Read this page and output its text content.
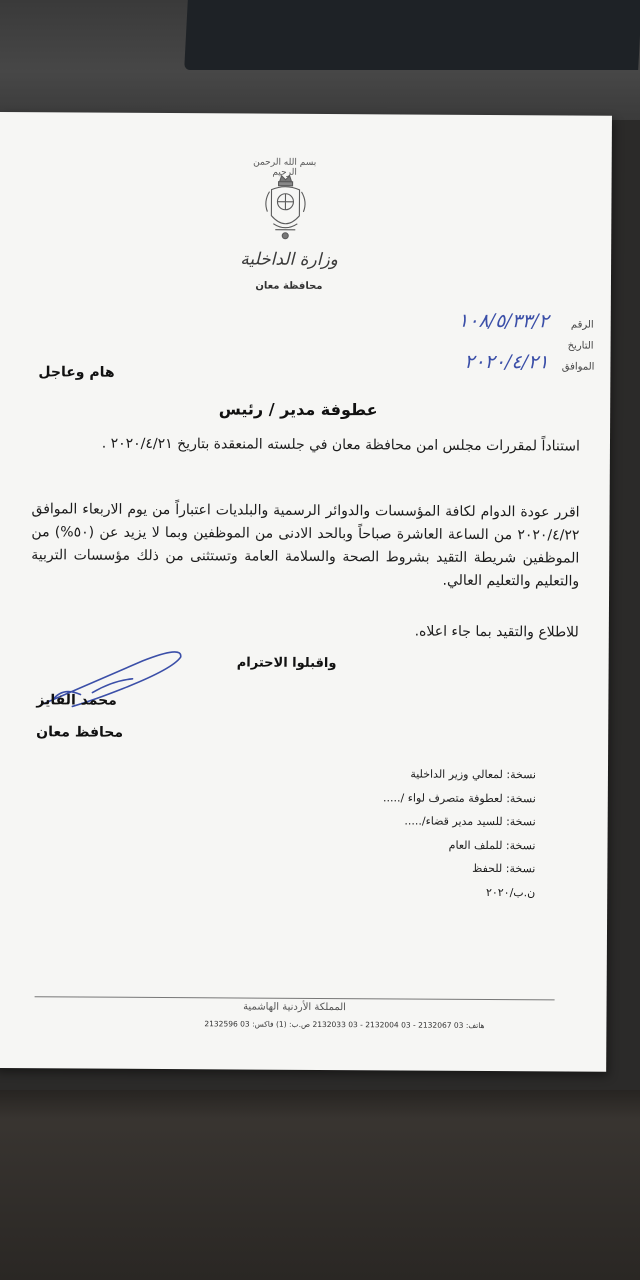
بسم الله الرحمن الرحيم
وزارة الداخلية
محافظة معان
١٠٨/٥/٣٣/٢	الرقم
التاريخ
٢٠٢٠/٤/٢١	الموافق
هام وعاجل
عطوفة مدير / رئيس
استناداً لمقررات مجلس امن محافظة معان في جلسته المنعقدة بتاريخ ٢٠٢٠/٤/٢١ .
اقرر عودة الدوام لكافة المؤسسات والدوائر الرسمية والبلديات اعتباراً من يوم الاربعاء الموافق ٢٠٢٠/٤/٢٢ من الساعة العاشرة صباحاً وبالحد الادنى من الموظفين وبما لا يزيد عن (٥٠%) من الموظفين شريطة التقيد بشروط الصحة والسلامة العامة وتستثنى من ذلك مؤسسات التربية والتعليم والتعليم العالي.
للاطلاع والتقيد بما جاء اعلاه.
واقبلوا الاحترام
محمد الفايز
محافظ معان
نسخة: لمعالي وزير الداخلية
نسخة: لعطوفة متصرف لواء /.....
نسخة: للسيد مدير قضاء/.....
نسخة: للملف العام
نسخة: للحفظ
ن.ب/٢٠٢٠
المملكة الأردنية الهاشمية
هاتف: 03 2132067 - 03 2132004 - 03 2132033 ص.ب: (1) فاكس: 03 2132596
